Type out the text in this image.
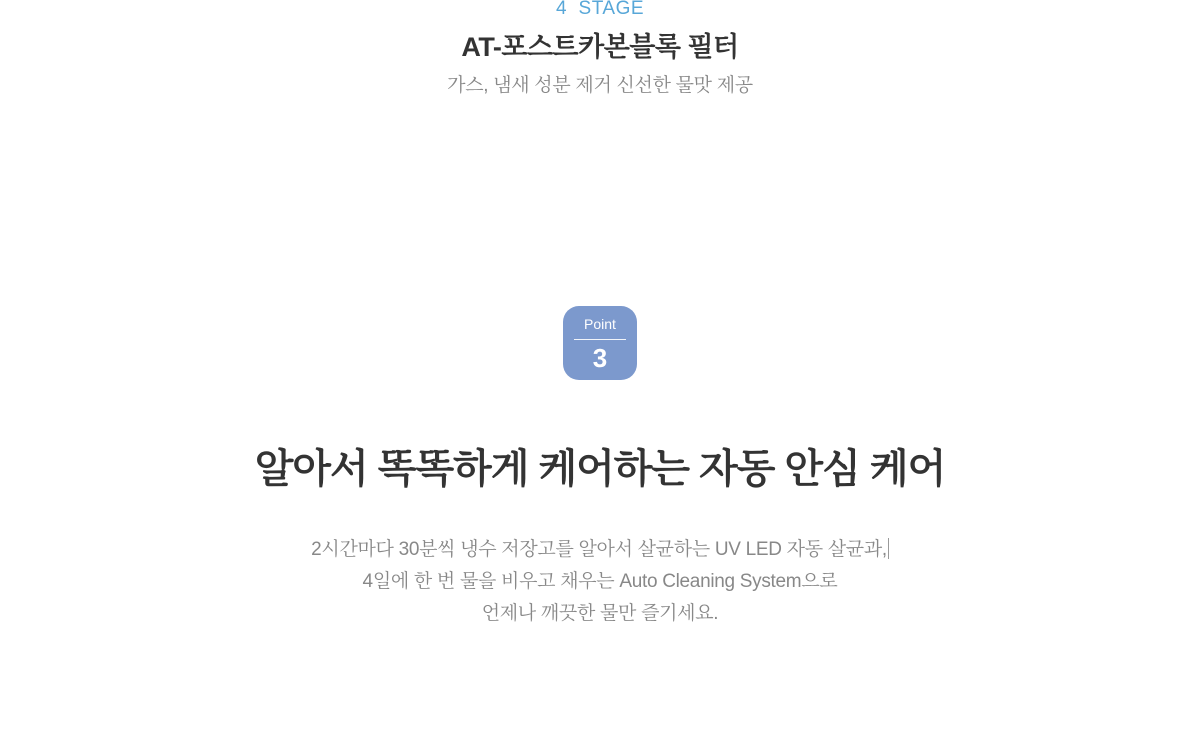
4  STAGE
AT-포스트카본블록 필터
가스, 냄새 성분 제거 신선한 물맛 제공
Point
3
알아서 똑똑하게 케어하는 자동 안심 케어

2시간마다 30분씩 냉수 저장고를 알아서 살균하는 UV LED 자동 살균과,

4일에 한 번 물을 비우고 채우는 Auto Cleaning System으로

언제나 깨끗한 물만 즐기세요.
